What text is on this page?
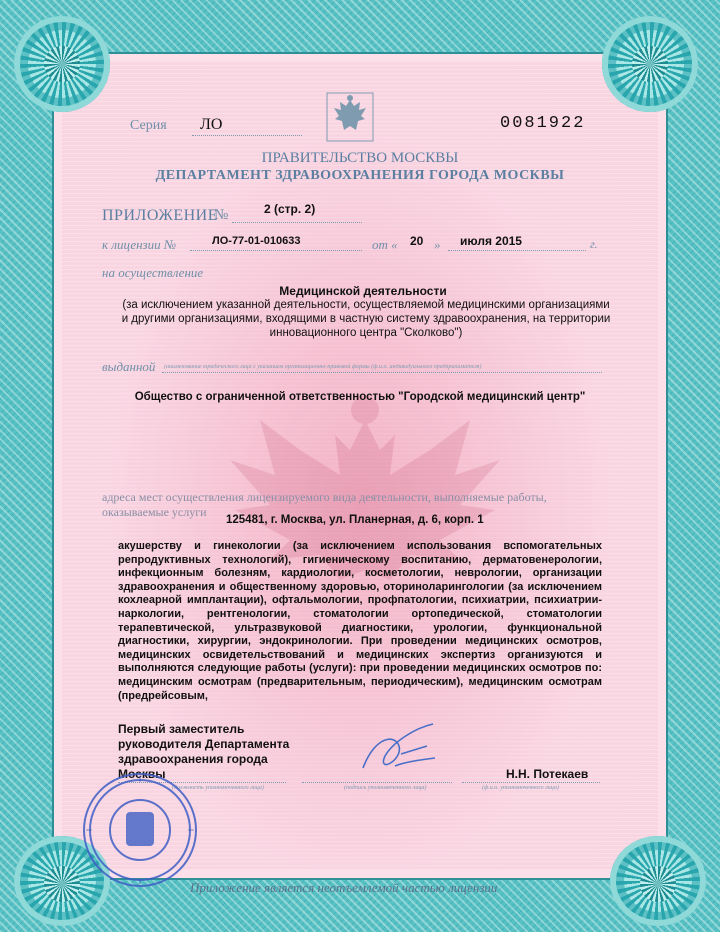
Серия ЛО	0081922
ПРАВИТЕЛЬСТВО МОСКВЫ
ДЕПАРТАМЕНТ ЗДРАВООХРАНЕНИЯ ГОРОДА МОСКВЫ
ПРИЛОЖЕНИЕ
№	2 (стр. 2)
к лицензии №	ЛО-77-01-010633	от « 20 » июля 2015	г.
на осуществление
Медицинской деятельности
(за исключением указанной деятельности, осуществляемой медицинскими организациями и другими организациями, входящими в частную систему здравоохранения, на территории инновационного центра "Сколково")
выданной (наименование юридического лица с указанием организационно-правовой формы (ф.и.о. индивидуального предпринимателя)
Общество с ограниченной ответственностью "Городской медицинский центр"
адреса мест осуществления лицензируемого вида деятельности, выполняемые работы,
оказываемые услуги
125481, г. Москва, ул. Планерная, д. 6, корп. 1
акушерству и гинекологии (за исключением использования вспомогательных репродуктивных технологий), гигиеническому воспитанию, дерматовенерологии, инфекционным болезням, кардиологии, косметологии, неврологии, организации здравоохранения и общественному здоровью, оториноларингологии (за исключением кохлеарной имплантации), офтальмологии, профпатологии, психиатрии, психиатрии-наркологии, рентгенологии, стоматологии ортопедической, стоматологии терапевтической, ультразвуковой диагностики, урологии, функциональной диагностики, хирургии, эндокринологии. При проведении медицинских осмотров, медицинских освидетельствований и медицинских экспертиз организуются и выполняются следующие работы (услуги): при проведении медицинских осмотров по: медицинским осмотрам (предварительным, периодическим), медицинским осмотрам (предрейсовым,
Первый заместитель
руководителя Департамента
здравоохранения города
Москвы
(должность уполномоченного лица)	(подпись уполномоченного лица)	(ф.и.о. уполномоченного лица)
Н.Н. Потекаев
Приложение является неотъемлемой частью лицензии
